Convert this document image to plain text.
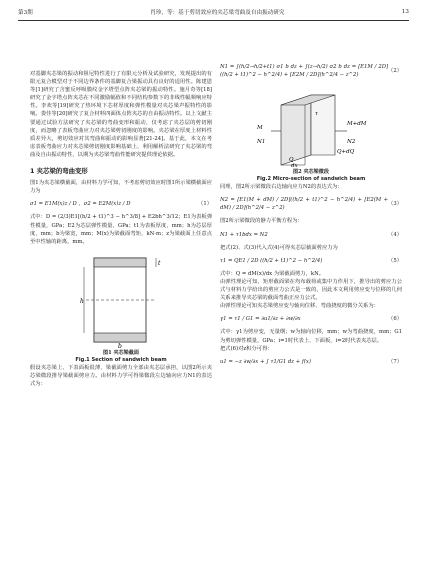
第3期	肖珍，等：基于剪切效应的夹芯梁弯曲及自由振动研究	13

对基脚夹芯梁的振动和阻尼特性进行了有限元分析及试验研究，发现提出的有限元复合模型对于不同边界条件的基脚复合梁振动具有良好的适用性。陈建恩等[1]研究了含蜜反呼吸膜纹金字塔型点阵夹芯梁的振动特性。施月奇等[18]研究了金字塔点阵夹芯在不同激励幅值和不同结构参数下的非线性幅频响应特性。李欢等[19]研究了热环境下芯材厚度和弹性模量对夹芯梁声振特性的影响。娄佳等[20]研究了复合材料四面体点阵夹芯的自由振动特性。以上文献主要通过试验方法研究了夹芯梁的弯曲变形和振动，仅考虑了夹芯层的剪切刚度，而忽略了表板弯曲应力对夹芯梁剪切刚度的影响。夹芯梁在厚度上材料性质差异大，剪切效应对其弯曲和振动的影响显著[21-24]。基于此，本文在考虑表板弯曲应力对夹芯梁剪切刚度影响基础上，利用解析法研究了夹芯梁的弯曲及自由振动特性，以期为夹芯梁弯曲性能研究提供理论依据。

1 夹芯梁的弯曲变形

图1为夹芯梁横截面，由材料力学可知，不考虑剪切效应时图1所示梁横截面应力为

σ1 = E1M(x)z / D ，σ2 = E2M(x)z / D	（1）

式中：D = (2/3)E1[(h/2 + t1)^3 − h^3/8] + E2bh^3/12；E1为表板弹性模量，GPa；E2为芯层弹性模量，GPa；t1为表板厚度，mm；h为芯层厚度，mm；b为梁宽，mm；M(x)为梁截面弯矩，kN·m；z为梁截面上任意点至中性轴的距离，mm。

h
t
b
图1 夹芯梁截面
Fig.1 Section of sandwich beam

假设夹芯梁上、下表面板很薄，梁截面剪力全部由夹芯层承担，以图2所示夹芯梁微段推导梁截面剪应力。由材料力学可得梁微段左边轴向应力N1的表达式为：

N1 = ∫(h/2→h/2+t1) σ1 b dz + ∫(z→h/2) σ2 b dz = [E1M / 2D]((h/2 + t1)^2 − h^2/4) + [E2M / 2D](h^2/4 − z^2)
（2）
M
M+dM
N1	N2
Q
Q+dQ
τ
dx
图2 夹芯梁微段
Fig.2 Micro-section of sandwich beam

同理，图2所示梁微段右边轴向应力N2的表达式为：

N2 = [E1(M + dM) / 2D]((h/2 + t1)^2 − h^2/4) + [E2(M + dM) / 2D](h^2/4 − z^2)
（3）

图2所示梁微段的静力平衡方程为：

N1 + τ1bdx = N2	（4）

把式(2)、式(3)代入式(4)可得夹芯层截面剪应力为

τ1 = QE1 / 2D ((h/2 + t1)^2 − h^2/4)	（5）

式中：Q = dM(x)/dx 为梁截面剪力，kN。

由弹性理论可知，矩形截面梁在均布载荷或集中力作用下，推导出的剪应力公式与材料力学给出的剪应力公式是一致的，因此本文利用剪应变与位移的几何关系来推导夹芯梁的截面弯曲正应力公式。

由弹性理论可知夹芯梁剪应变与轴向位移、弯曲挠度的微分关系为：

γ1 = τ1 / G1 = ∂u1/∂z + ∂w/∂x	（6）

式中：γ1为剪应变，无量纲；w为轴向位移，mm；w为弯曲挠度，mm；G1为剪切弹性模量，GPa；i=1时代表上、下面板，i=2时代表夹芯层。

把式(6)对z积分可得：

u1 = −z ∂w/∂x + ∫ τ1/G1 dz + f(x)	（7）
